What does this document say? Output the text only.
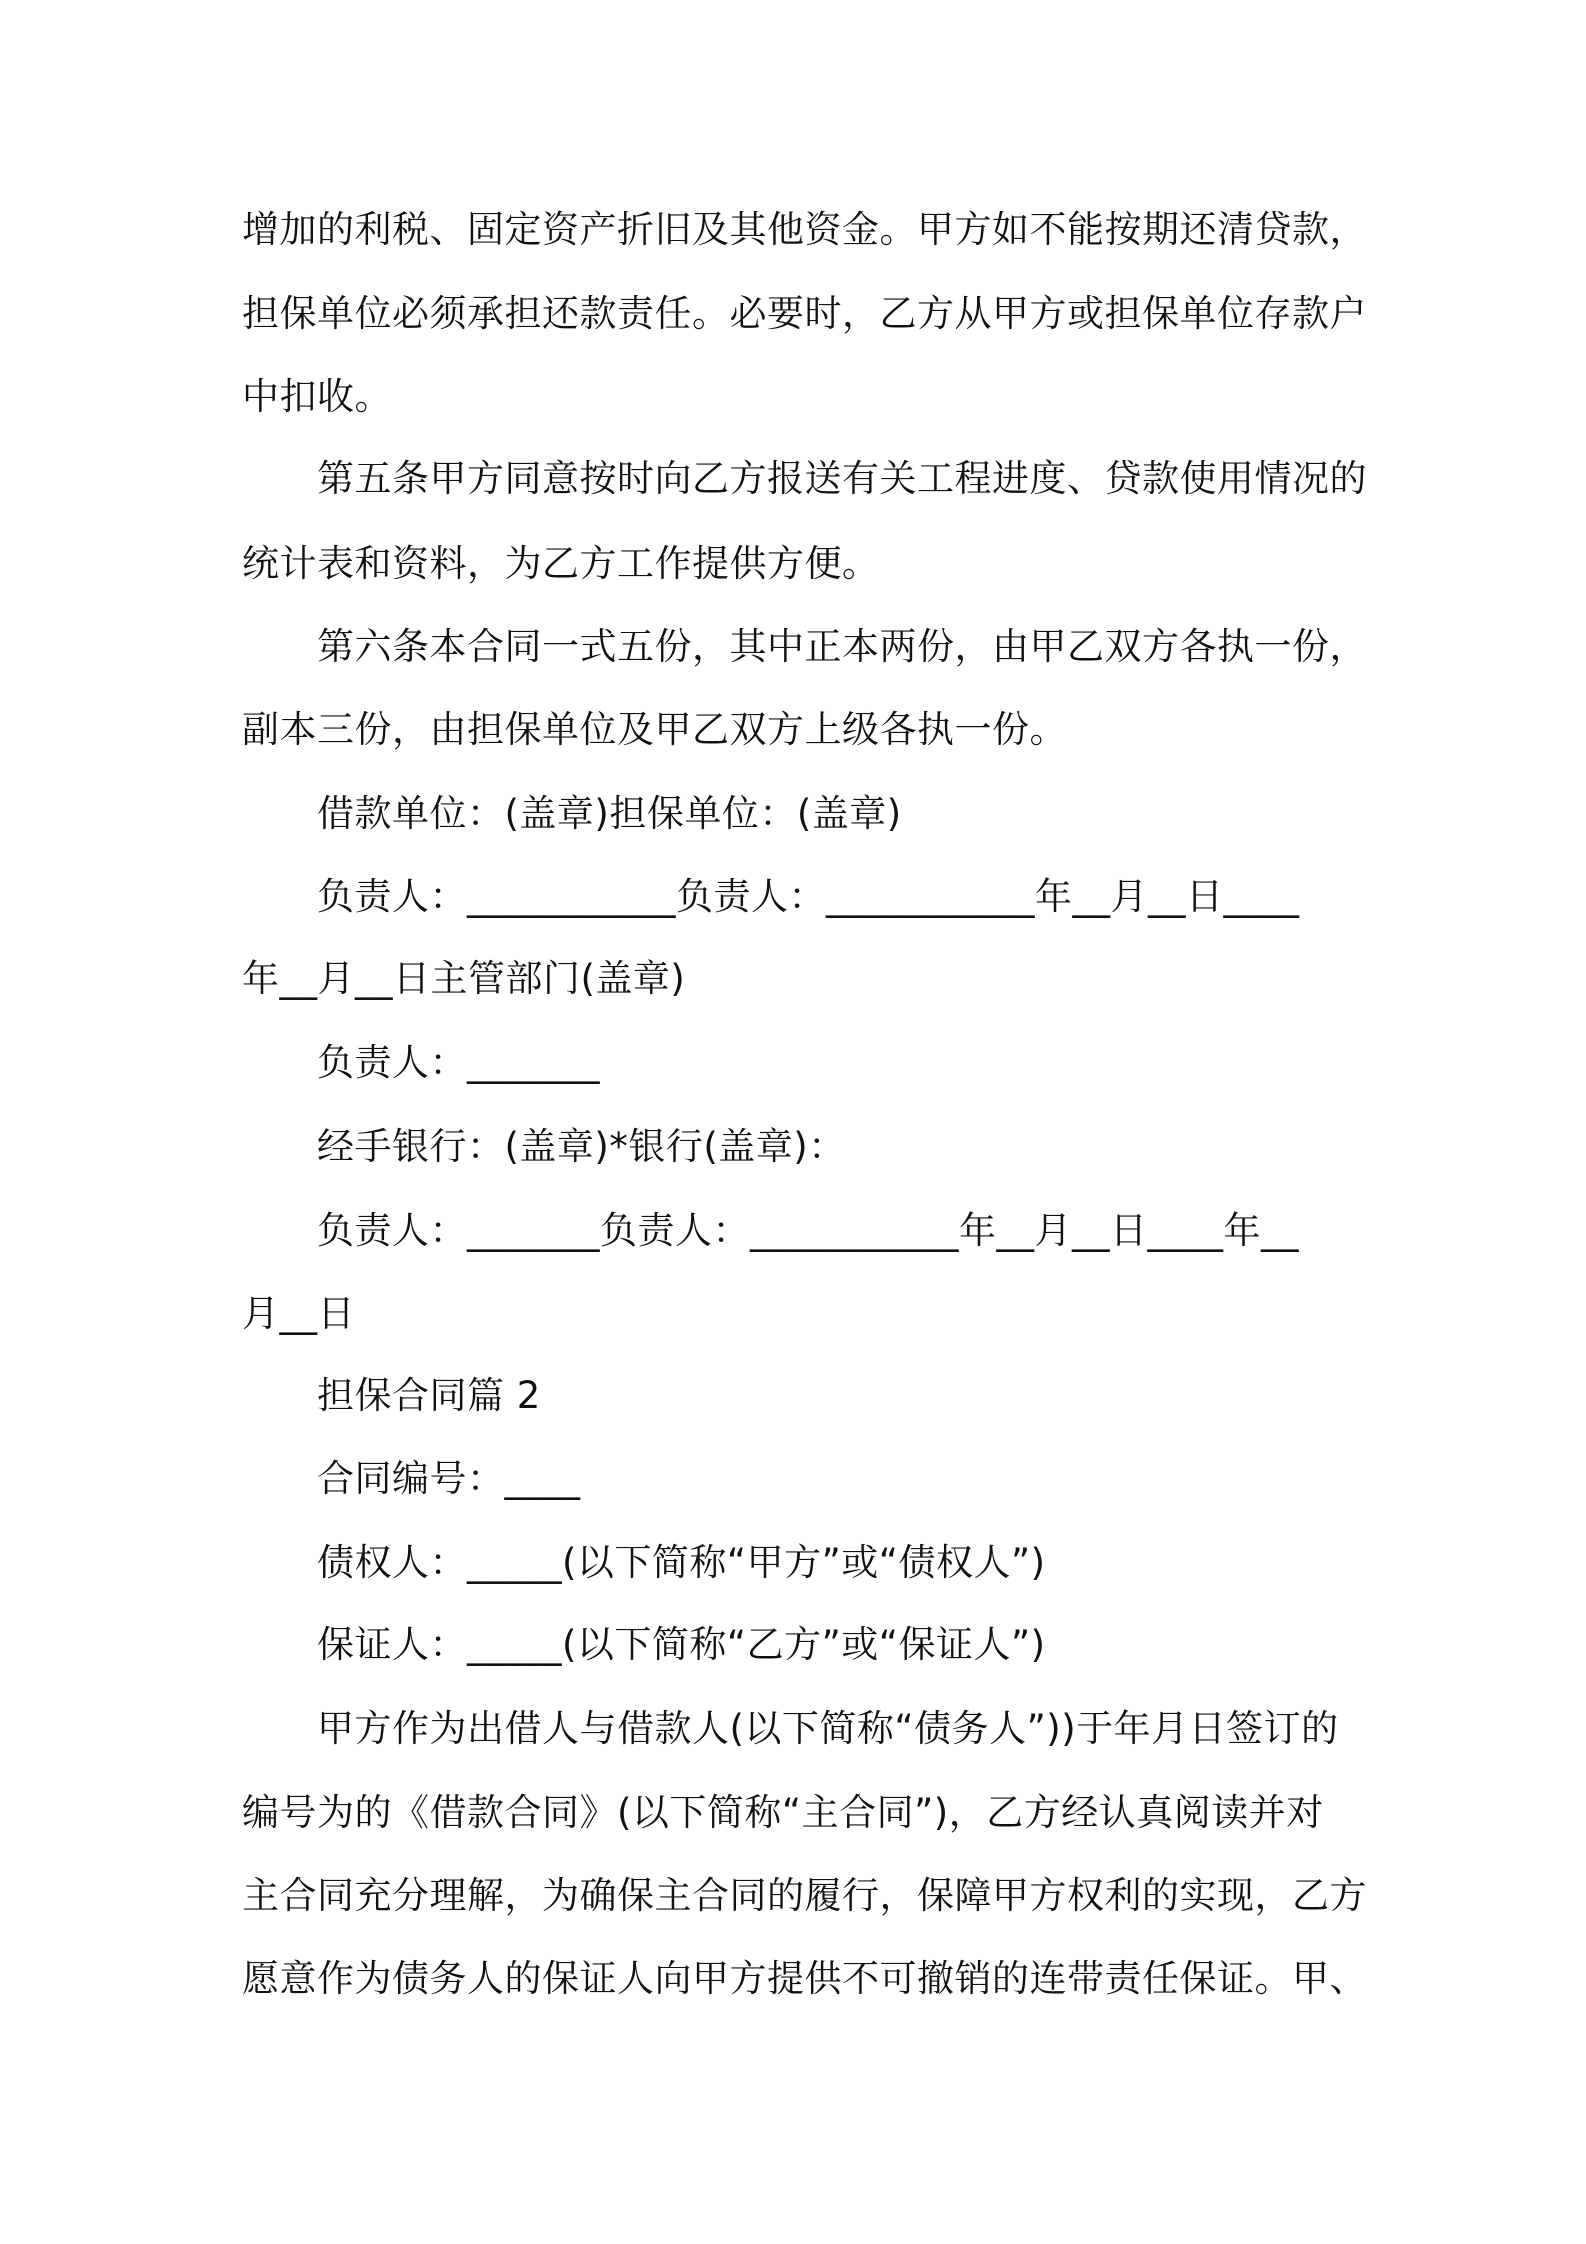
增加的利税、固定资产折旧及其他资金。甲方如不能按期还清贷款，
担保单位必须承担还款责任。必要时，乙方从甲方或担保单位存款户
中扣收。
第五条甲方同意按时向乙方报送有关工程进度、贷款使用情况的
统计表和资料，为乙方工作提供方便。
第六条本合同一式五份，其中正本两份，由甲乙双方各执一份，
副本三份，由担保单位及甲乙双方上级各执一份。
借款单位：(盖章)担保单位：(盖章)
负责人：___________负责人：___________年__月__日____
年__月__日主管部门(盖章)
负责人：_______
经手银行：(盖章)*银行(盖章)：
负责人：_______负责人：___________年__月__日____年__
月__日
担保合同篇 2
合同编号：____
债权人：_____(以下简称“甲方”或“债权人”)
保证人：_____(以下简称“乙方”或“保证人”)
甲方作为出借人与借款人(以下简称“债务人”))于年月日签订的
编号为的《借款合同》(以下简称“主合同”)，乙方经认真阅读并对
主合同充分理解，为确保主合同的履行，保障甲方权利的实现，乙方
愿意作为债务人的保证人向甲方提供不可撤销的连带责任保证。甲、
